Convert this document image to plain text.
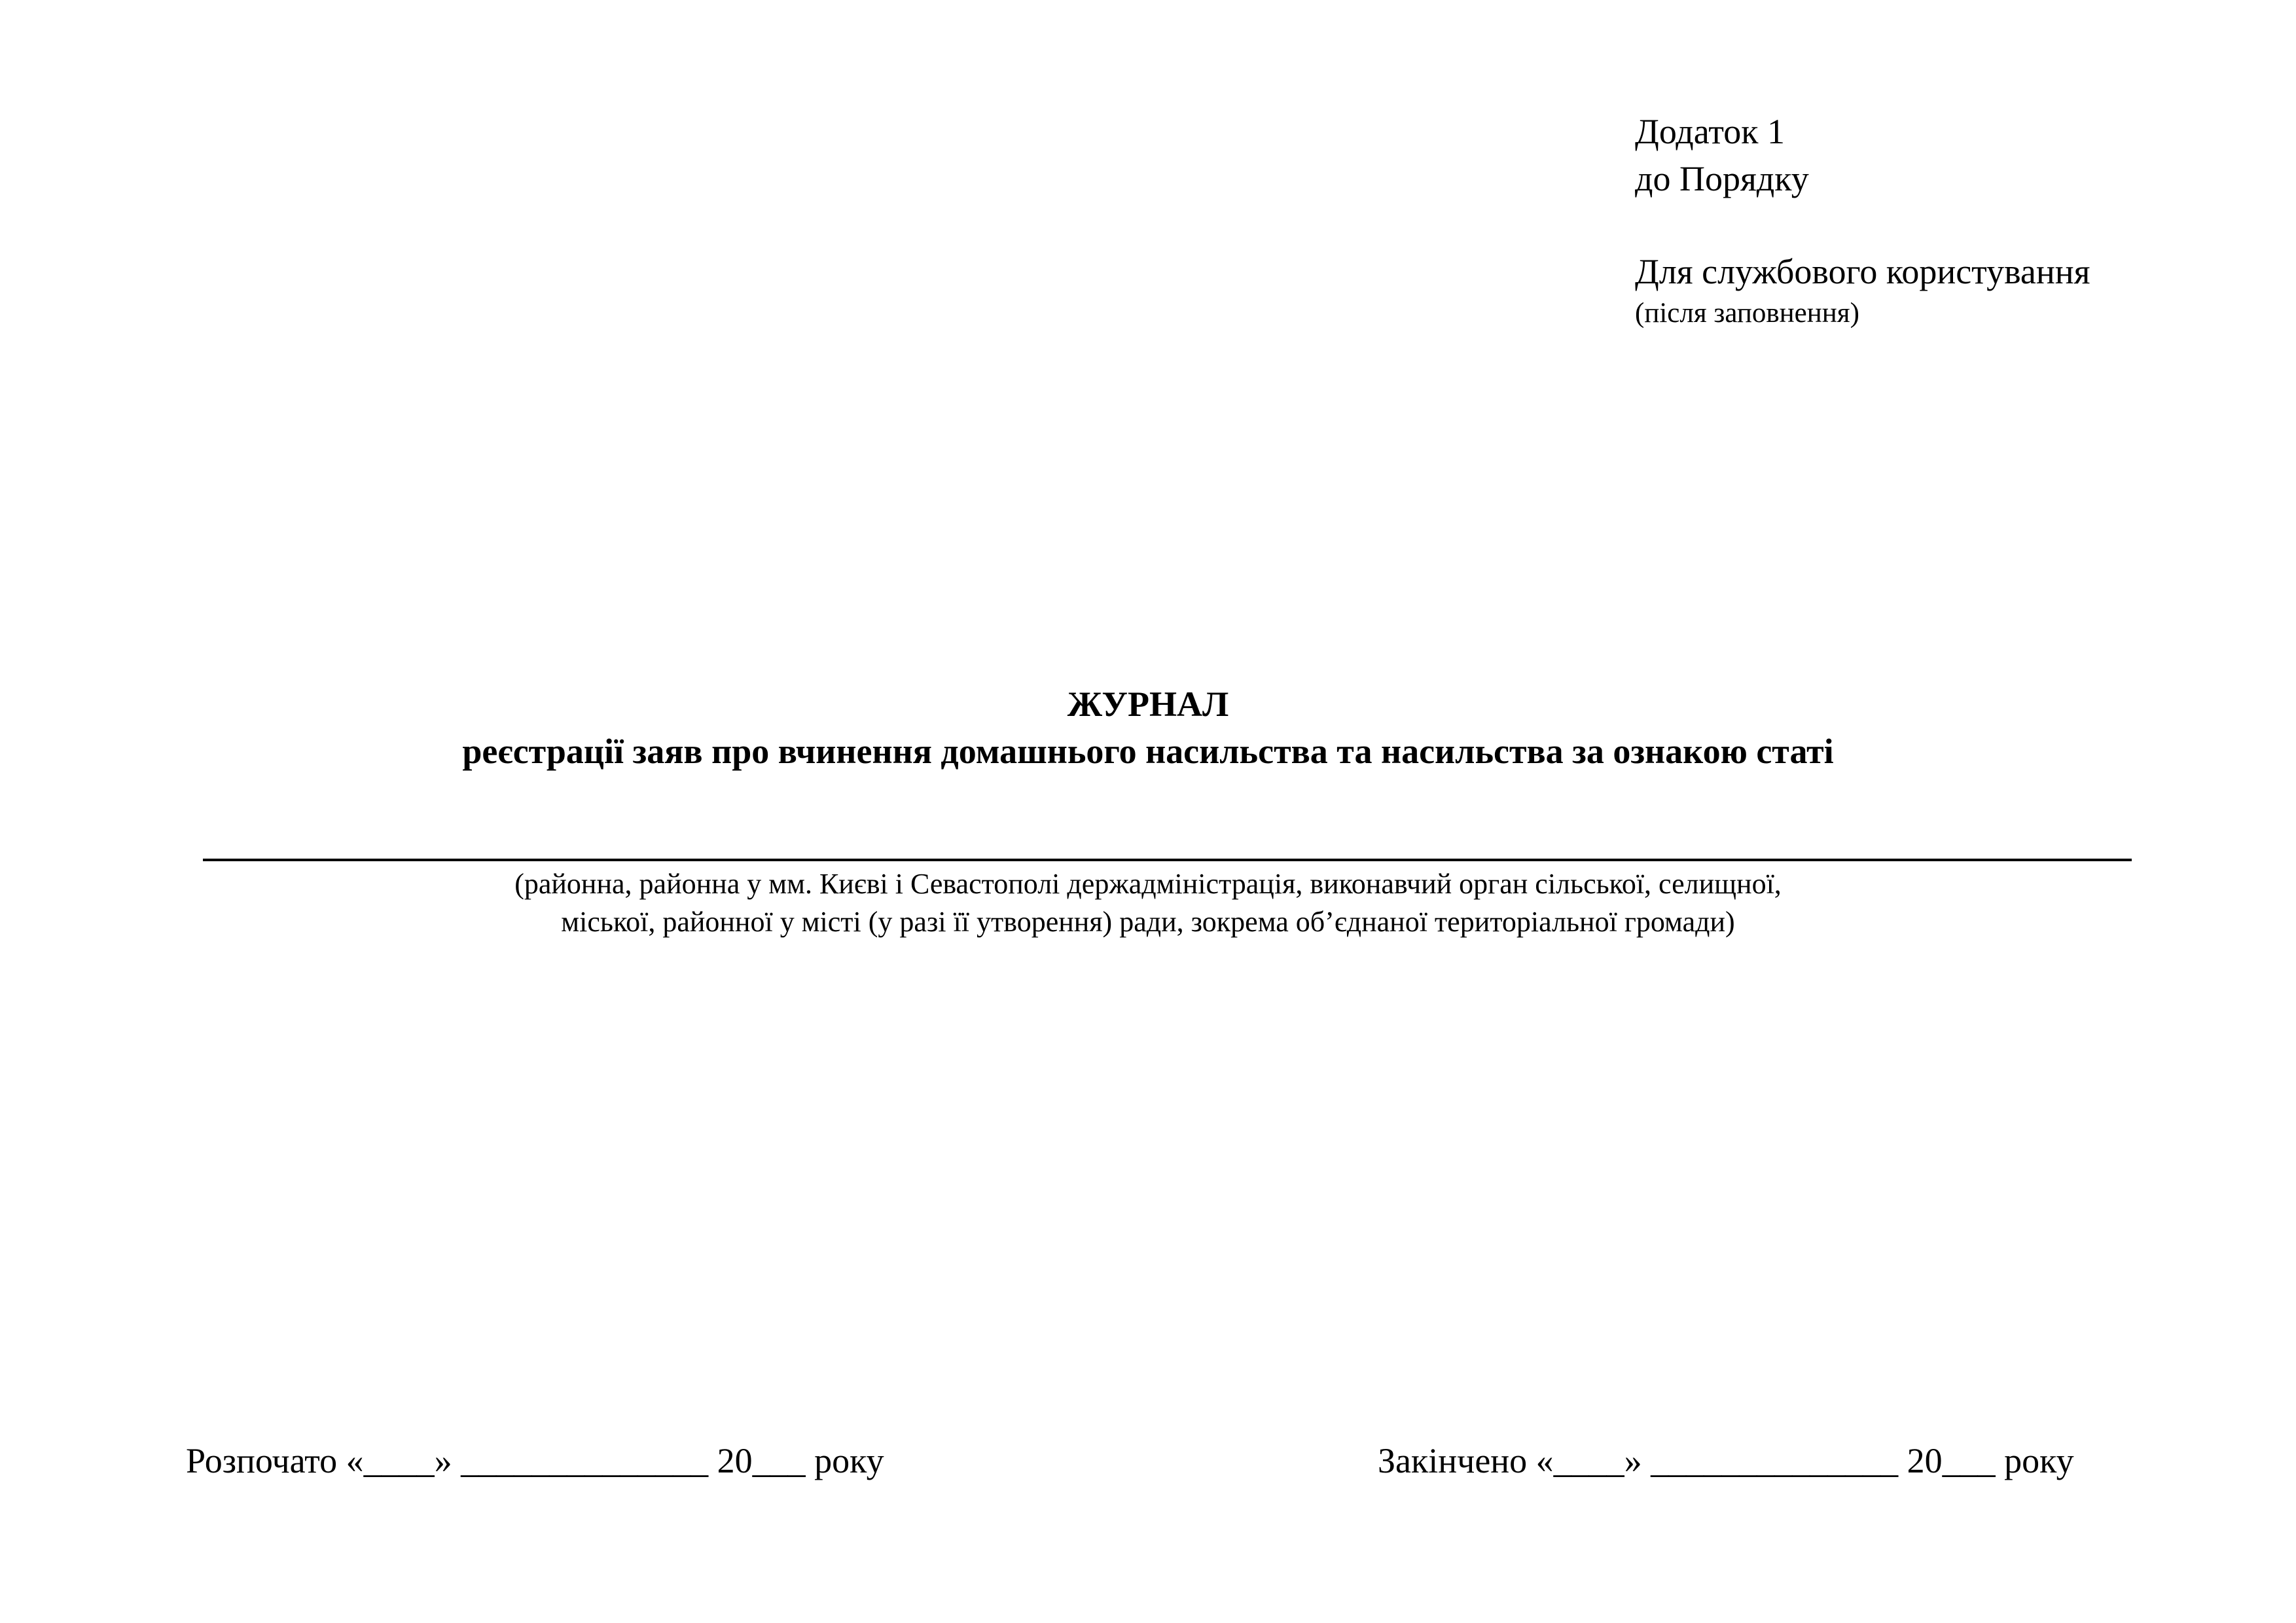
Додаток 1
до Порядку
Для службового користування
(після заповнення)
ЖУРНАЛ
реєстрації заяв про вчинення домашнього насильства та насильства за ознакою статі
(районна, районна у мм. Києві і Севастополі держадміністрація, виконавчий орган сільської, селищної,
міської, районної у місті (у разі її утворення) ради, зокрема об’єднаної територіальної громади)
Розпочато «____» ______________ 20___ року	Закінчено «____» ______________ 20___ року
